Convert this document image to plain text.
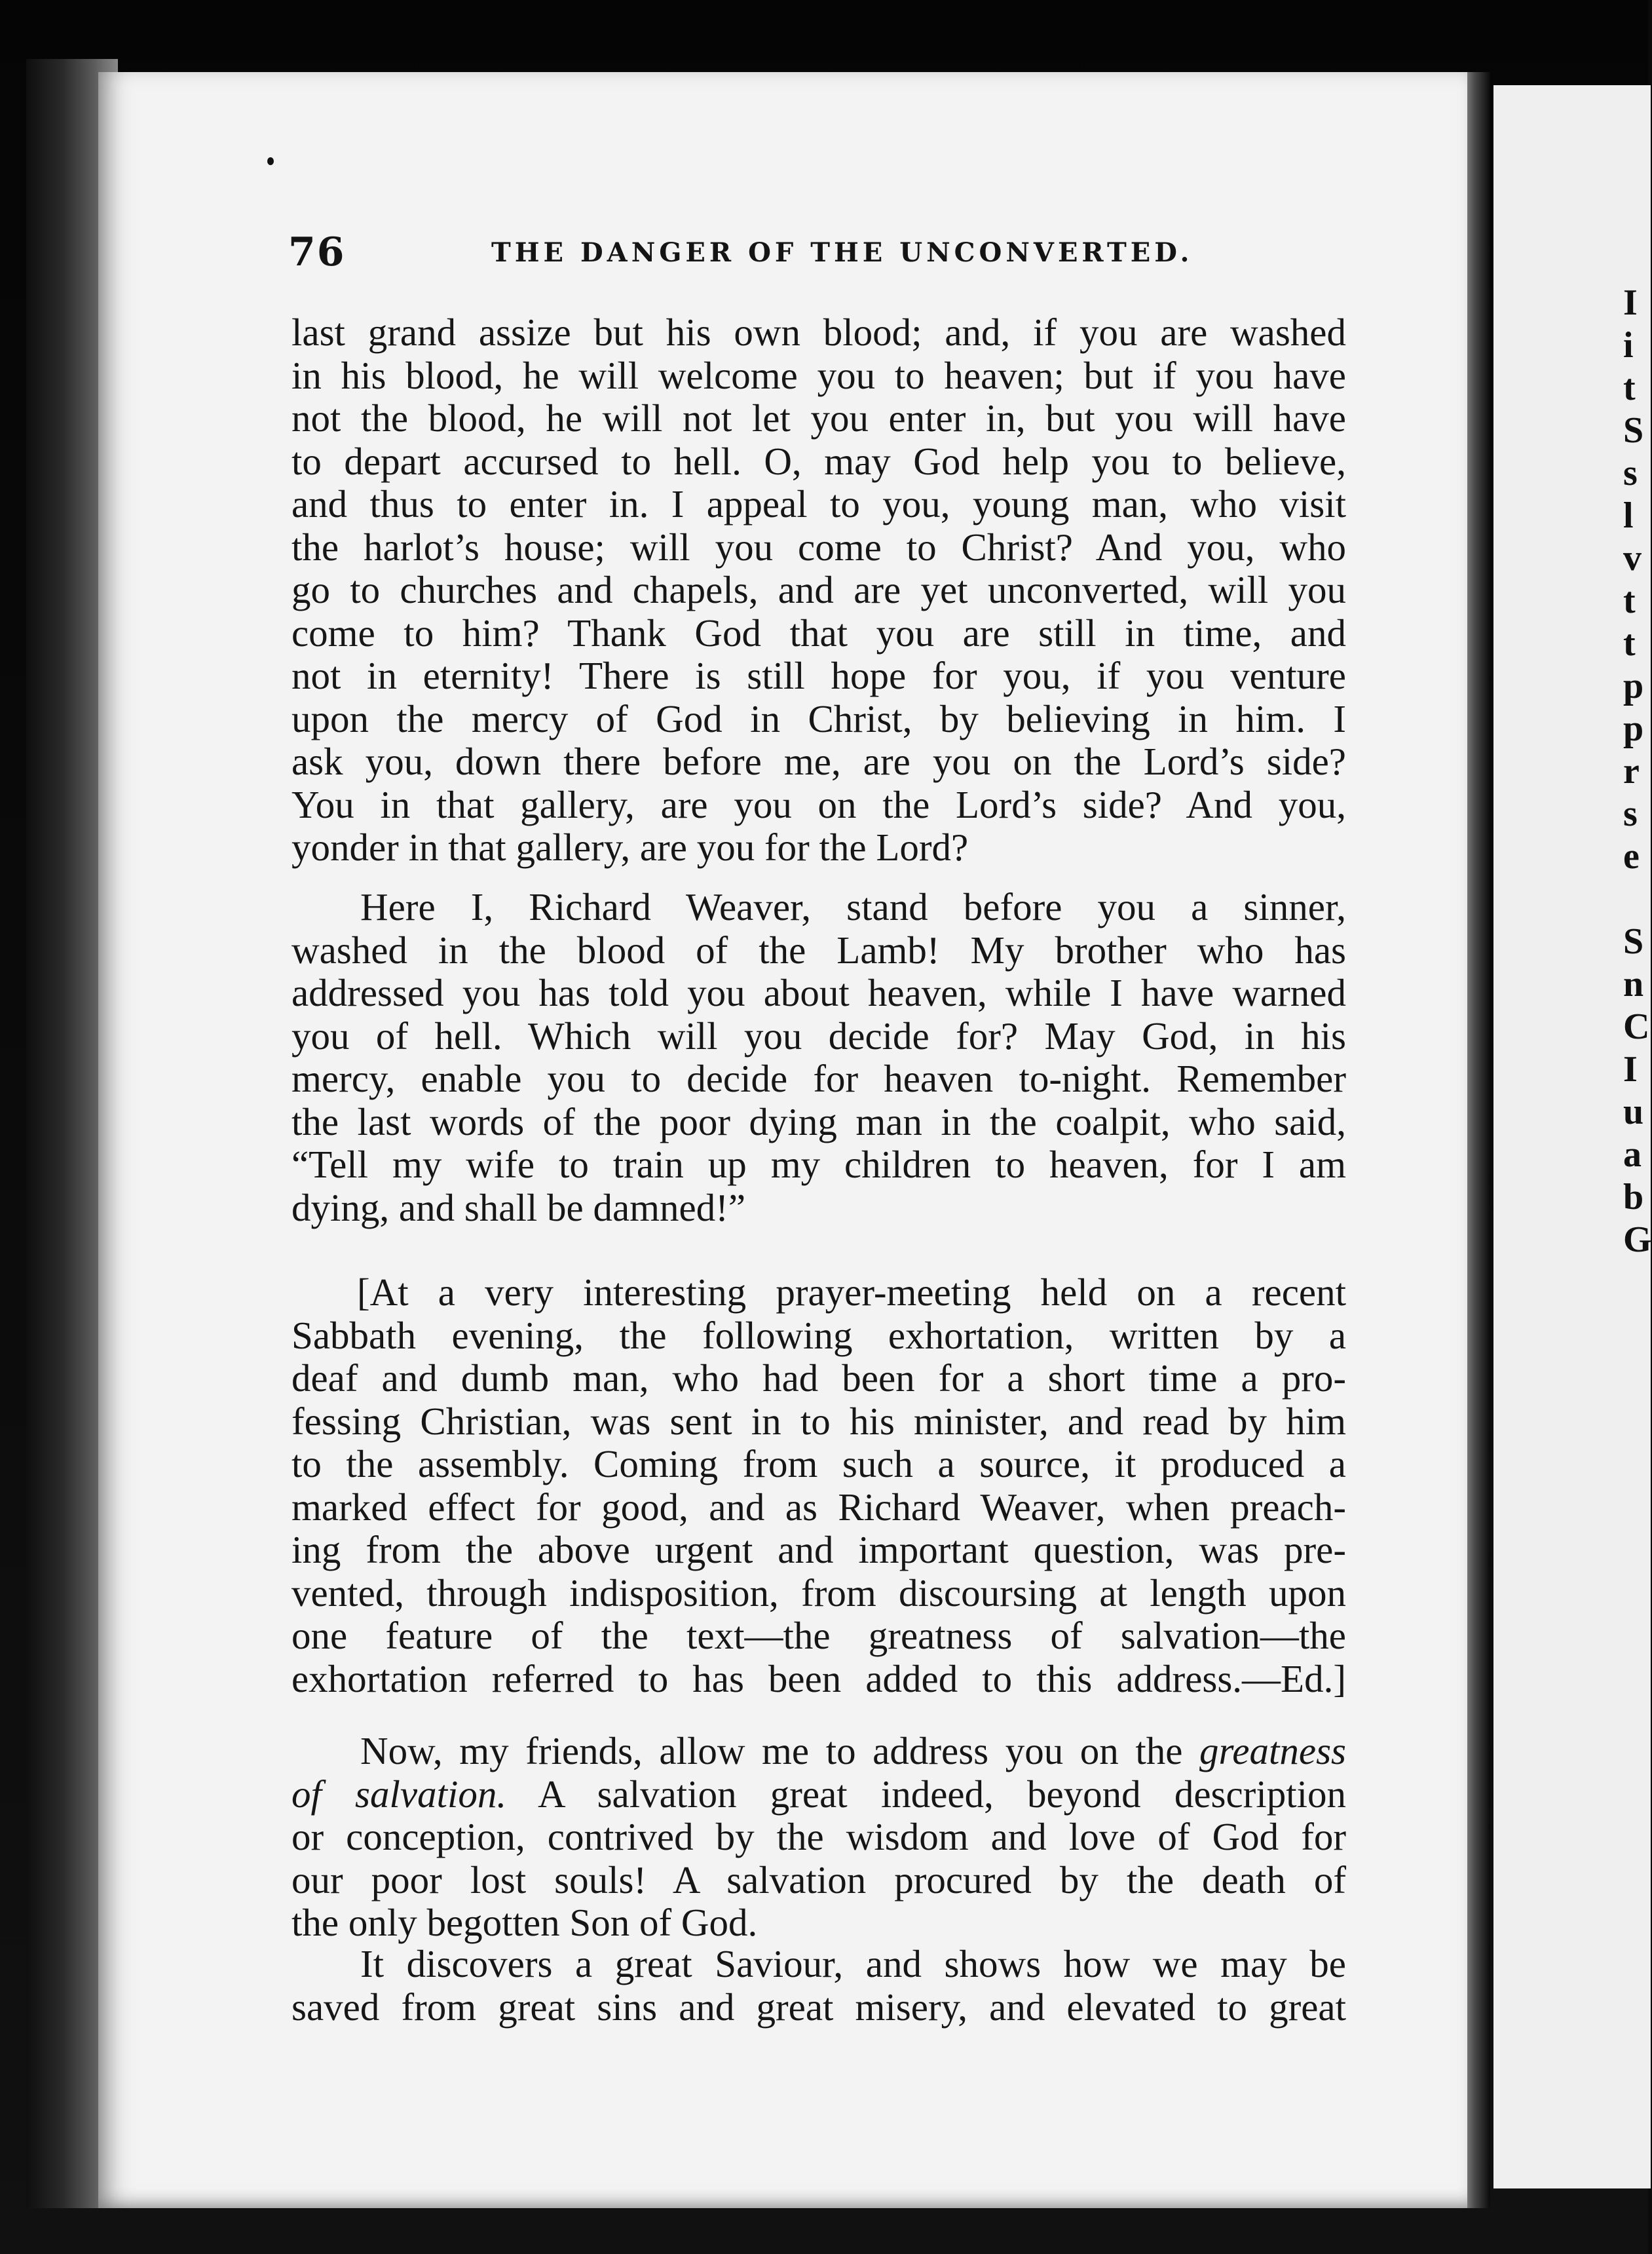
76	THE DANGER OF THE UNCONVERTED.
last grand assize but his own blood; and, if you are washed
in his blood, he will welcome you to heaven; but if you have
not the blood, he will not let you enter in, but you will have
to depart accursed to hell. O, may God help you to believe,
and thus to enter in. I appeal to you, young man, who visit
the harlot’s house; will you come to Christ? And you, who
go to churches and chapels, and are yet unconverted, will you
come to him? Thank God that you are still in time, and
not in eternity! There is still hope for you, if you venture
upon the mercy of God in Christ, by believing in him. I
ask you, down there before me, are you on the Lord’s side?
You in that gallery, are you on the Lord’s side? And you,
yonder in that gallery, are you for the Lord?
Here I, Richard Weaver, stand before you a sinner,
washed in the blood of the Lamb! My brother who has
addressed you has told you about heaven, while I have warned
you of hell. Which will you decide for? May God, in his
mercy, enable you to decide for heaven to-night. Remember
the last words of the poor dying man in the coalpit, who said,
“Tell my wife to train up my children to heaven, for I am
dying, and shall be damned!”
[At a very interesting prayer-meeting held on a recent
Sabbath evening, the following exhortation, written by a
deaf and dumb man, who had been for a short time a pro-
fessing Christian, was sent in to his minister, and read by him
to the assembly. Coming from such a source, it produced a
marked effect for good, and as Richard Weaver, when preach-
ing from the above urgent and important question, was pre-
vented, through indisposition, from discoursing at length upon
one feature of the text—the greatness of salvation—the
exhortation referred to has been added to this address.—Ed.]
Now, my friends, allow me to address you on the greatness
of salvation. A salvation great indeed, beyond description
or conception, contrived by the wisdom and love of God for
our poor lost souls! A salvation procured by the death of
the only begotten Son of God.
It discovers a great Saviour, and shows how we may be
saved from great sins and great misery, and elevated to great
I
i
t
S
s
l
v
t
t
p
p
r
s
e
S
n
C
I
u
a
b
G
